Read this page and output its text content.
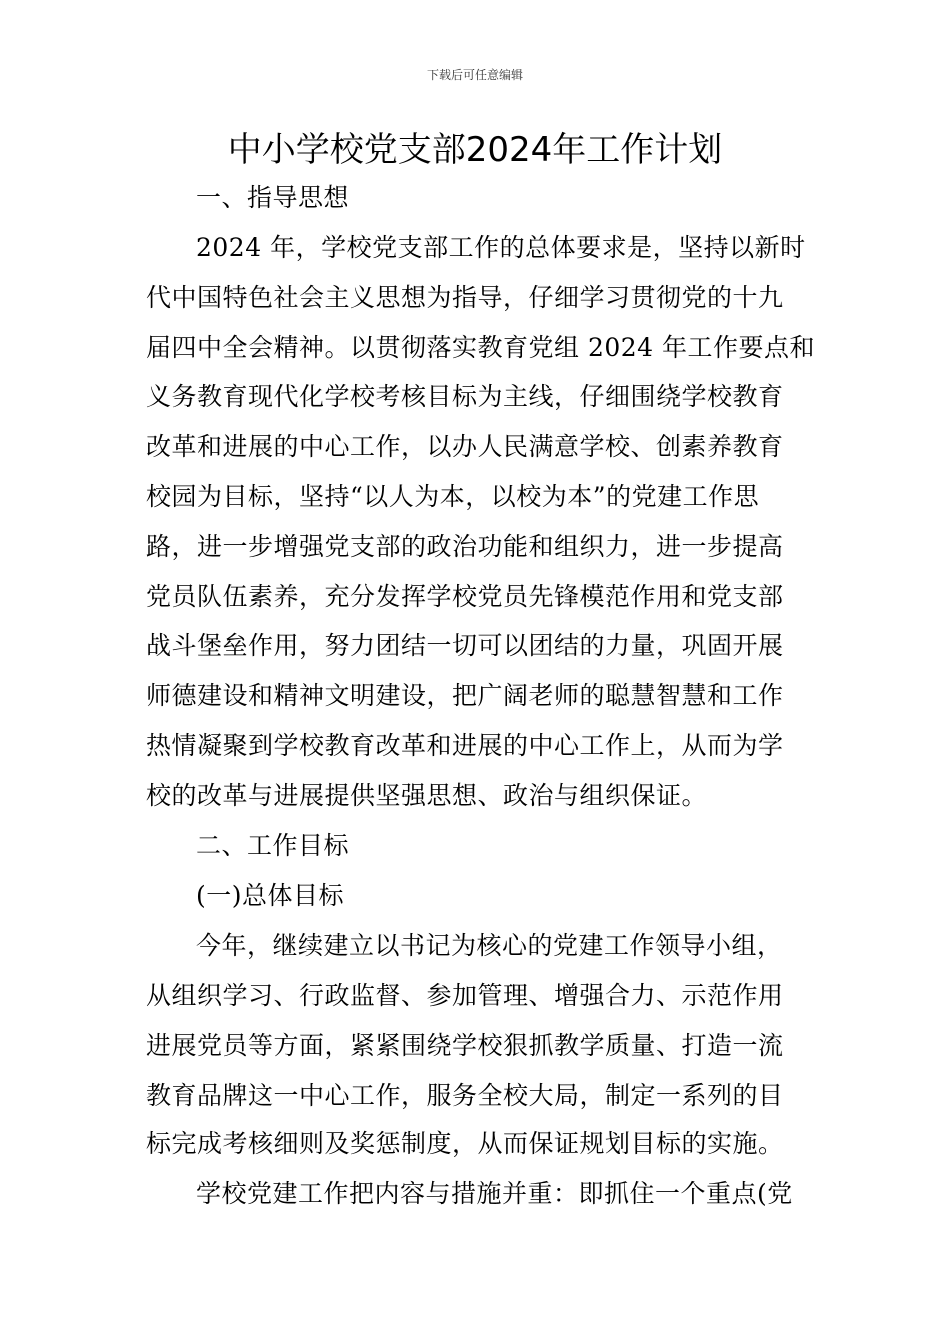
下载后可任意编辑
中小学校党支部2024年工作计划
一、指导思想
2024 年，学校党支部工作的总体要求是，坚持以新时
代中国特色社会主义思想为指导，仔细学习贯彻党的十九
届四中全会精神。以贯彻落实教育党组 2024 年工作要点和
义务教育现代化学校考核目标为主线，仔细围绕学校教育
改革和进展的中心工作，以办人民满意学校、创素养教育
校园为目标，坚持“以人为本，以校为本”的党建工作思
路，进一步增强党支部的政治功能和组织力，进一步提高
党员队伍素养，充分发挥学校党员先锋模范作用和党支部
战斗堡垒作用，努力团结一切可以团结的力量，巩固开展
师德建设和精神文明建设，把广阔老师的聪慧智慧和工作
热情凝聚到学校教育改革和进展的中心工作上，从而为学
校的改革与进展提供坚强思想、政治与组织保证。
二、工作目标
(一)总体目标
今年，继续建立以书记为核心的党建工作领导小组，
从组织学习、行政监督、参加管理、增强合力、示范作用
进展党员等方面，紧紧围绕学校狠抓教学质量、打造一流
教育品牌这一中心工作，服务全校大局，制定一系列的目
标完成考核细则及奖惩制度，从而保证规划目标的实施。
学校党建工作把内容与措施并重：即抓住一个重点(党
